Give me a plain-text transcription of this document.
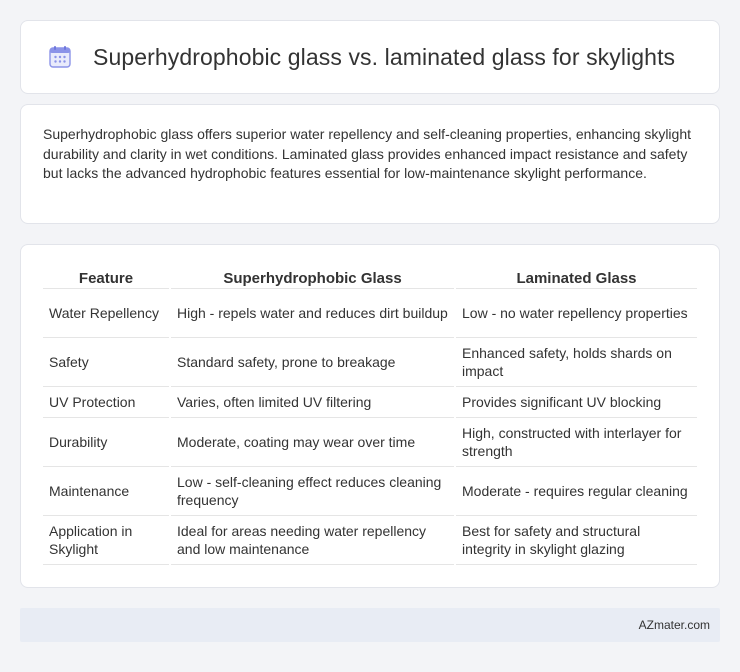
Superhydrophobic glass vs. laminated glass for skylights

Superhydrophobic glass offers superior water repellency and self-cleaning properties, enhancing skylight durability and clarity in wet conditions. Laminated glass provides enhanced impact resistance and safety but lacks the advanced hydrophobic features essential for low-maintenance skylight performance.

Feature	Superhydrophobic Glass	Laminated Glass
Water Repellency	High - repels water and reduces dirt buildup	Low - no water repellency properties
Safety	Standard safety, prone to breakage	Enhanced safety, holds shards on impact
UV Protection	Varies, often limited UV filtering	Provides significant UV blocking
Durability	Moderate, coating may wear over time	High, constructed with interlayer for strength
Maintenance	Low - self-cleaning effect reduces cleaning frequency	Moderate - requires regular cleaning
Application in Skylight	Ideal for areas needing water repellency and low maintenance	Best for safety and structural integrity in skylight glazing
AZmater.com
